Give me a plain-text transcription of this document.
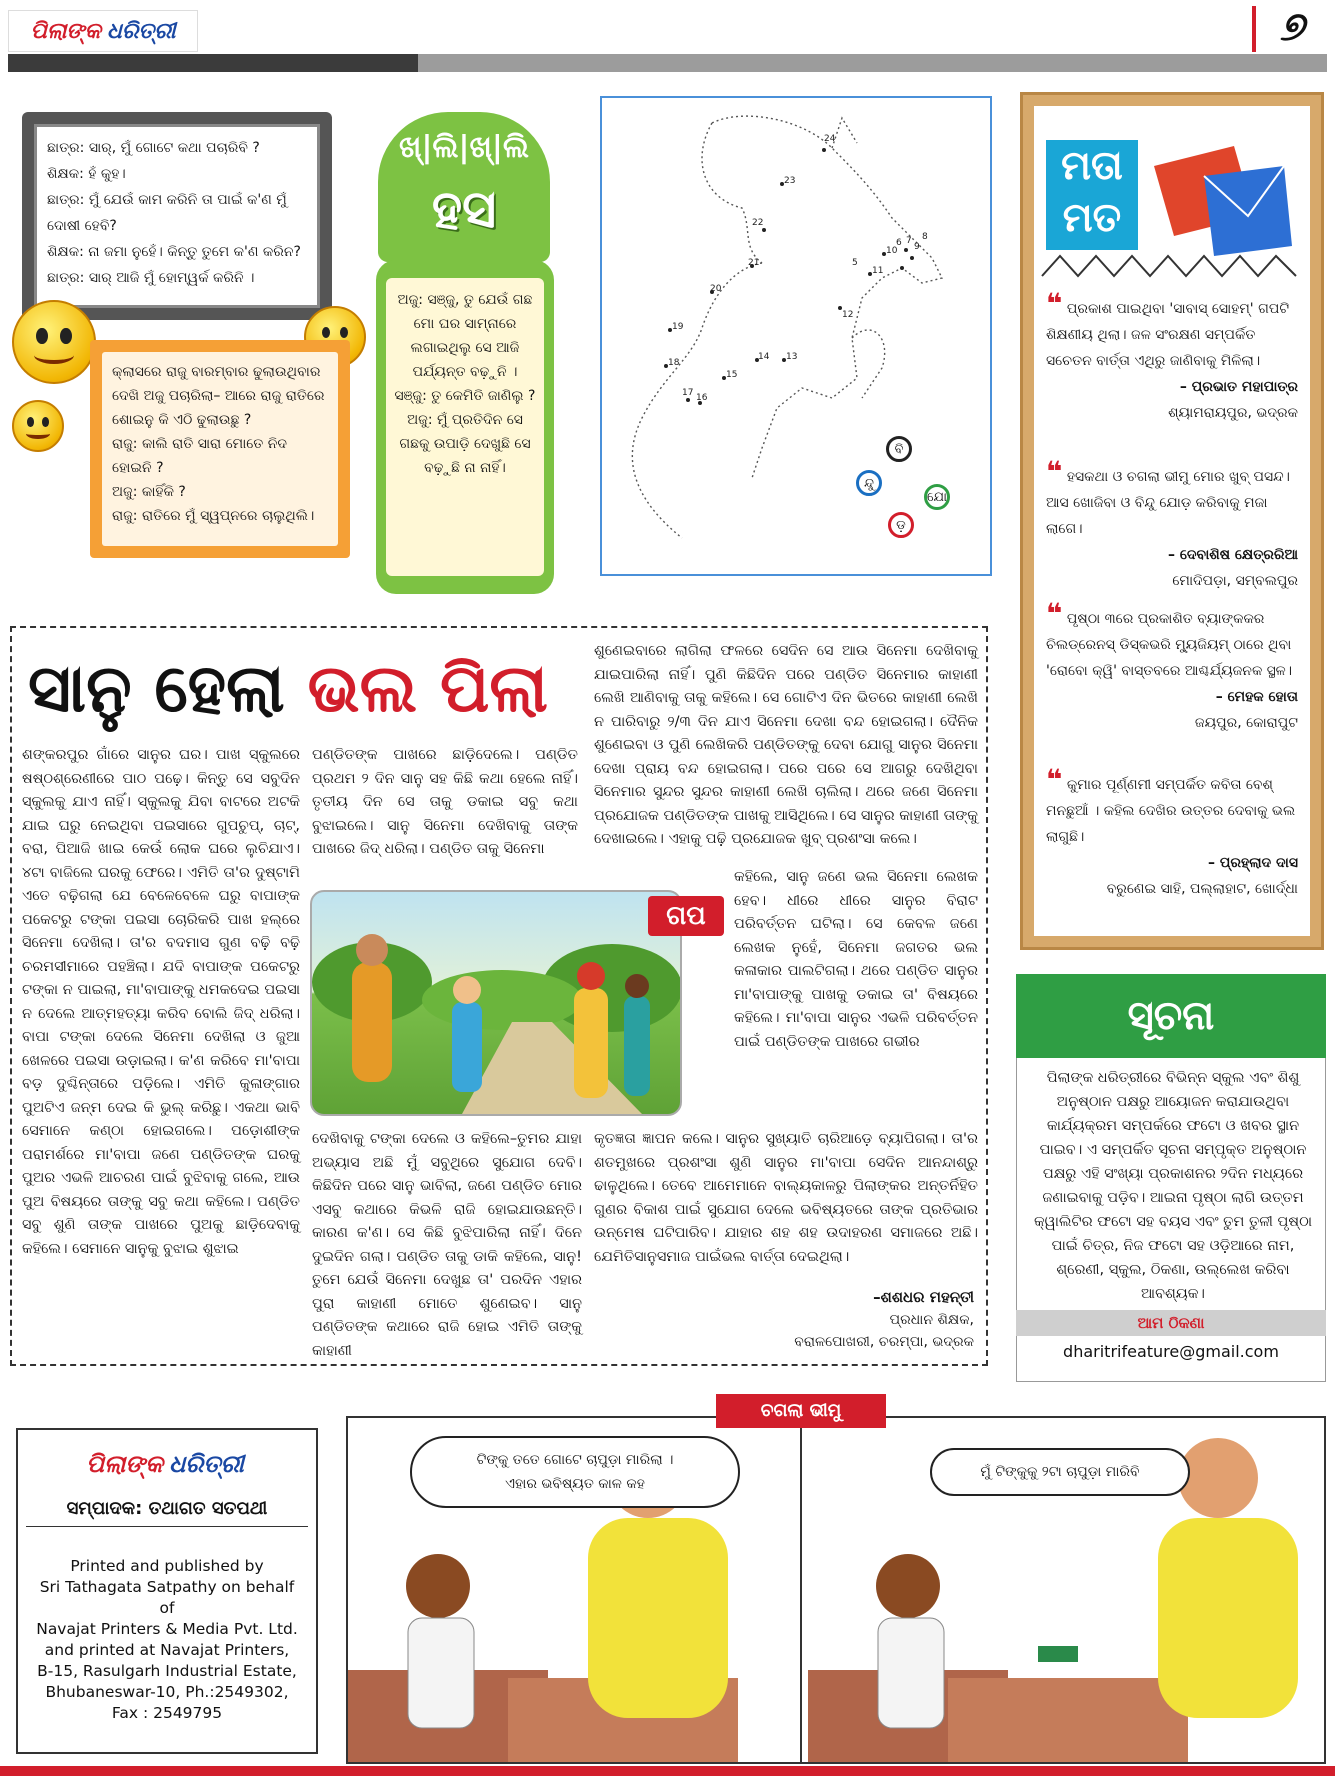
ପିଲାଙ୍କ ଧରିତ୍ରୀ	୭
ଛାତ୍ର: ସାର୍, ମୁଁ ଗୋଟେ କଥା ପଚାରିବି ?
ଶିକ୍ଷକ: ହଁ କୁହ।
ଛାତ୍ର: ମୁଁ ଯେଉଁ କାମ କରିନି ତା ପାଇଁ କ'ଣ ମୁଁ ଦୋଷୀ ହେବି?
ଶିକ୍ଷକ: ନା ଜମା ନୁହେଁ। କିନ୍ତୁ ତୁମେ କ'ଣ କରିନ?
ଛାତ୍ର: ସାର୍ ଆଜି ମୁଁ ହୋମ୍ୱର୍କ କରିନି ।
କ୍ଲାସରେ ରାଜୁ ବାରମ୍ବାର ଢୁଲାଉଥିବାର ଦେଖି ଅଜୁ ପଚାରିଲା– ଆରେ ରାଜୁ ରାତିରେ ଶୋଇନୁ କି ଏଠି ଢୁଲାଉଛୁ ?
ରାଜୁ: କାଲି ରାତି ସାରା ମୋତେ ନିଦ ହୋଇନି ?
ଅଜୁ: କାହିଁକି ?
ରାଜୁ: ରାତିରେ ମୁଁ ସ୍ୱପ୍ନରେ ଚାଲୁଥିଲି।
ଖ୍|ଲି|ଖ୍|ଲି
ହସ
ଅଜୁ: ସଞ୍ଜୁ, ତୁ ଯେଉଁ ଗଛ ମୋ ଘର ସାମ୍ନାରେ ଲଗାଇଥିଲୁ ସେ ଆଜି ପର୍ଯ୍ୟନ୍ତ ବଢ଼ୁନି ।
ସଞ୍ଜୁ: ତୁ କେମିତି ଜାଣିଲୁ ?
ଅଜୁ: ମୁଁ ପ୍ରତିଦିନ ସେ ଗଛକୁ ଉପାଡ଼ି ଦେଖୁଛି ସେ ବଢ଼ୁଛି ନା ନାହିଁ।
24
23
22
21
20
19
18
17 16
15
14 13
12
11
10 9
8
7
6
5
ବି
ନ୍ଦୁ
ଯୋ
ଡ଼
ମତା
ମତ
❝ ପ୍ରକାଶ ପାଇଥିବା 'ସାବାସ୍ ସୋହମ୍' ଗପଟି ଶିକ୍ଷଣୀୟ ଥିଲା। ଜଳ ସଂରକ୍ଷଣ ସମ୍ପର୍କିତ ସଚେତନ ବାର୍ତ୍ତା ଏଥିରୁ ଜାଣିବାକୁ ମିଳିଲା।
– ପ୍ରଭାତ ମହାପାତ୍ର
ଶ୍ୟାମରାୟପୁର, ଭଦ୍ରକ
❝ ହସକଥା ଓ ଚଗଲା ଭୀମୁ ମୋର ଖୁବ୍ ପସନ୍ଦ। ଆସ ଖୋଜିବା ଓ ବିନ୍ଦୁ ଯୋଡ଼ କରିବାକୁ ମଜା ଲାଗେ।
– ଦେବାଶିଷ କ୍ଷେତ୍ରରିଆ
ମୋଦିପଡ଼ା, ସମ୍ବଲପୁର
❝ ପୃଷ୍ଠା ୩ରେ ପ୍ରକାଶିତ ବ୍ୟାଙ୍କକର ଚିଲଡ୍ରେନସ୍ ଡିସ୍କଭରି ମ୍ୟୁଜିୟମ୍ ଠାରେ ଥିବା 'ରୋବୋ କ୍ୱି' ବାସ୍ତବରେ ଆଶ୍ଚର୍ଯ୍ୟଜନକ ସ୍ଥଳ।
– ମେହକ ହୋତା
ଜୟପୁର, କୋରାପୁଟ
❝ କୁମାର ପୂର୍ଣ୍ଣମୀ ସମ୍ପର୍କିତ କବିତା ବେଶ୍ ମନଛୁଆଁ । କହିଲ ଦେଖିର ଉତ୍ତର ଦେବାକୁ ଭଲ ଲାଗୁଛି।
– ପ୍ରହ୍ଲାଦ ଦାସ
ବରୁଣେଇ ସାହି, ପଲ୍ଲାହାଟ, ଖୋର୍ଦ୍ଧା
ସାନୁ ହେଲା ଭଲ ପିଲା
ଶଙ୍କରପୁର ଗାଁରେ ସାନୁର ଘର। ପାଖ ସ୍କୁଲରେ ଷଷ୍ଠଶ୍ରେଣୀରେ ପାଠ ପଢ଼େ। କିନ୍ତୁ ସେ ସବୁଦିନ ସ୍କୁଲକୁ ଯାଏ ନାହିଁ। ସ୍କୁଲକୁ ଯିବା ବାଟରେ ଅଟକି ଯାଇ ଘରୁ ନେଇଥିବା ପଇସାରେ ଗୁପଚୁପ୍, ଚାଟ୍, ବରା, ପିଆଜି ଖାଇ କେଉଁ ଲୋକ ଘରେ ଲୁଚିଯାଏ। ୪ଟା ବାଜିଲେ ଘରକୁ ଫେରେ। ଏମିତି ତା'ର ଦୁଷ୍ଟାମି ଏତେ ବଢ଼ିଗଲା ଯେ ବେଳେବେଳେ ଘରୁ ବାପାଙ୍କ ପକେଟରୁ ଟଙ୍କା ପଇସା ଚୋରିକରି ପାଖ ହଲ୍‌ରେ ସିନେମା ଦେଖିଲା। ତା'ର ବଦମାସ ଗୁଣ ବଢ଼ି ବଢ଼ି ଚରମସୀମାରେ ପହଞ୍ଚିଲା। ଯଦି ବାପାଙ୍କ ପକେଟରୁ ଟଙ୍କା ନ ପାଇଲା, ମା'ବାପାଙ୍କୁ ଧମକଦେଇ ପଇସା ନ ଦେଲେ ଆତ୍ମହତ୍ୟା କରିବ ବୋଲି ଜିଦ୍ ଧରିଲା। ବାପା ଟଙ୍କା ଦେଲେ ସିନେମା ଦେଖିଲା ଓ ଜୁଆ ଖେଳରେ ପଇସା ଉଡ଼ାଇଲା। କ'ଣ କରିବେ ମା'ବାପା ବଡ଼ ଦୁଶ୍ଚିନ୍ତାରେ ପଡ଼ିଲେ। ଏମିତି କୁଳାଙ୍ଗାର ପୁଅଟିଏ ଜନ୍ମ ଦେଇ କି ଭୁଲ୍ କରିଛୁ। ଏକଥା ଭାବି ସେମାନେ କଣ୍ଠା ହୋଇଗଲେ। ପଡ଼ୋଶୀଙ୍କ ପରାମର୍ଶରେ ମା'ବାପା ଜଣେ ପଣ୍ଡିତଙ୍କ ଘରକୁ ପୁଅର ଏଭଳି ଆଚରଣ ପାଇଁ ବୁଝିବାକୁ ଗଲେ, ଆଉ ପୁଅ ବିଷୟରେ ତାଙ୍କୁ ସବୁ କଥା କହିଲେ। ପଣ୍ଡିତ ସବୁ ଶୁଣି ତାଙ୍କ ପାଖରେ ପୁଅକୁ ଛାଡ଼ିଦେବାକୁ କହିଲେ। ସେମାନେ ସାନୁକୁ ବୁଝାଇ ଶୁଝାଇ
ପଣ୍ଡିତଙ୍କ ପାଖରେ ଛାଡ଼ିଦେଲେ। ପଣ୍ଡିତ ପ୍ରଥମ ୨ ଦିନ ସାନୁ ସହ କିଛି କଥା ହେଲେ ନାହିଁ। ତୃତୀୟ ଦିନ ସେ ତାକୁ ଡକାଇ ସବୁ କଥା ବୁଝାଇଲେ। ସାନୁ ସିନେମା ଦେଖିବାକୁ ତାଙ୍କ ପାଖରେ ଜିଦ୍ ଧରିଲା। ପଣ୍ଡିତ ତାକୁ ସିନେମା
ଦେଖିବାକୁ ଟଙ୍କା ଦେଲେ ଓ କହିଲେ–ତୁମର ଯାହା ଅଭ୍ୟାସ ଅଛି ମୁଁ ସବୁଥିରେ ସୁଯୋଗ ଦେବି। କିଛିଦିନ ପରେ ସାନୁ ଭାବିଲା, ଜଣେ ପଣ୍ଡିତ ମୋର ଏସବୁ କଥାରେ କିଭଳି ରାଜି ହୋଇଯାଉଛନ୍ତି। କାରଣ କ'ଣ। ସେ କିଛି ବୁଝିପାରିଲା ନାହିଁ। ଦିନେ ଦୁଇଦିନ ଗଲା। ପଣ୍ଡିତ ତାକୁ ଡାକି କହିଲେ, ସାନୁ! ତୁମେ ଯେଉଁ ସିନେମା ଦେଖୁଛ ତା' ପରଦିନ ଏହାର ପୁରା କାହାଣୀ ମୋତେ ଶୁଣେଇବ। ସାନୁ ପଣ୍ଡିତଙ୍କ କଥାରେ ରାଜି ହୋଇ ଏମିତି ତାଙ୍କୁ କାହାଣୀ
ଶୁଣେଇବାରେ ଲାଗିଲା ଫଳରେ ସେଦିନ ସେ ଆଉ ସିନେମା ଦେଖିବାକୁ ଯାଇପାରିଲା ନାହିଁ। ପୁଣି କିଛିଦିନ ପରେ ପଣ୍ଡିତ ସିନେମାର କାହାଣୀ ଲେଖି ଆଣିବାକୁ ତାକୁ କହିଲେ। ସେ ଗୋଟିଏ ଦିନ ଭିତରେ କାହାଣୀ ଲେଖି ନ ପାରିବାରୁ ୨/୩ ଦିନ ଯାଏ ସିନେମା ଦେଖା ବନ୍ଦ ହୋଇଗଲା। ଦୈନିକ ଶୁଣେଇବା ଓ ପୁଣି ଲେଖିକରି ପଣ୍ଡିତଙ୍କୁ ଦେବା ଯୋଗୁ ସାନୁର ସିନେମା ଦେଖା ପ୍ରାୟ ବନ୍ଦ ହୋଇଗଲା। ପରେ ପରେ ସେ ଆଗରୁ ଦେଖିଥିବା ସିନେମାର ସୁନ୍ଦର ସୁନ୍ଦର କାହାଣୀ ଲେଖି ଚାଲିଲା। ଥରେ ଜଣେ ସିନେମା ପ୍ରଯୋଜକ ପଣ୍ଡିତଙ୍କ ପାଖକୁ ଆସିଥିଲେ। ସେ ସାନୁର କାହାଣୀ ତାଙ୍କୁ ଦେଖାଇଲେ। ଏହାକୁ ପଢ଼ି ପ୍ରଯୋଜକ ଖୁବ୍ ପ୍ରଶଂସା କଲେ।
କହିଲେ, ସାନୁ ଜଣେ ଭଲ ସିନେମା ଲେଖକ ହେବ। ଧୀରେ ଧୀରେ ସାନୁର ବିରାଟ ପରିବର୍ତ୍ତନ ଘଟିଲା। ସେ କେବଳ ଜଣେ ଲେଖକ ନୁହେଁ, ସିନେମା ଜଗତର ଭଲ କଳାକାର ପାଲଟିଗଲା। ଥରେ ପଣ୍ଡିତ ସାନୁର ମା'ବାପାଙ୍କୁ ପାଖକୁ ଡକାଇ ତା' ବିଷୟରେ କହିଲେ। ମା'ବାପା ସାନୁର ଏଭଳି ପରିବର୍ତ୍ତନ ପାଇଁ ପଣ୍ଡିତଙ୍କ ପାଖରେ ଗଭୀର
କୃତଜ୍ଞତା ଜ୍ଞାପନ କଲେ। ସାନୁର ସୁଖ୍ୟାତି ଚାରିଆଡ଼େ ବ୍ୟାପିଗଲା। ତା'ର ଶତମୁଖରେ ପ୍ରଶଂସା ଶୁଣି ସାନୁର ମା'ବାପା ସେଦିନ ଆନନ୍ଦାଶ୍ରୁ ଢାଳୁଥିଲେ। ତେବେ ଆମେମାନେ ବାଲ୍ୟକାଳରୁ ପିଲାଙ୍କର ଅନ୍ତର୍ନିହିତ ଗୁଣର ବିକାଶ ପାଇଁ ସୁଯୋଗ ଦେଲେ ଭବିଷ୍ୟତରେ ତାଙ୍କ ପ୍ରତିଭାର ଉନ୍ମେଷ ଘଟିପାରିବ। ଯାହାର ଶହ ଶହ ଉଦାହରଣ ସମାଜରେ ଅଛି। ଯେମିତିସାନୁସମାଜ ପାଇଁଭଲ ବାର୍ତ୍ତା ଦେଇଥିଲା।
ଗପ
–ଶଶଧର ମହନ୍ତୀ
ପ୍ରଧାନ ଶିକ୍ଷକ,
ବରାଳପୋଖରୀ, ଚରମ୍ପା, ଭଦ୍ରକ
ସୂଚନା
ପିଲାଙ୍କ ଧରିତ୍ରୀରେ ବିଭିନ୍ନ ସ୍କୁଲ ଏବଂ ଶିଶୁ ଅନୁଷ୍ଠାନ ପକ୍ଷରୁ ଆୟୋଜନ କରାଯାଉଥିବା କାର୍ଯ୍ୟକ୍ରମ ସମ୍ପର୍କରେ ଫଟୋ ଓ ଖବର ସ୍ଥାନ ପାଇବ। ଏ ସମ୍ପର୍କିତ ସୂଚନା ସମ୍ପୃକ୍ତ ଅନୁଷ୍ଠାନ ପକ୍ଷରୁ ଏହି ସଂଖ୍ୟା ପ୍ରକାଶନର ୨ଦିନ ମଧ୍ୟରେ ଜଣାଇବାକୁ ପଡ଼ିବ। ଆଇନା ପୃଷ୍ଠା ଲାଗି ଉତ୍ତମ କ୍ୱାଲିଟିର ଫଟୋ ସହ ବୟସ ଏବଂ ତୁମ ତୁଳୀ ପୃଷ୍ଠା ପାଇଁ ଚିତ୍ର, ନିଜ ଫଟୋ ସହ ଓଡ଼ିଆରେ ନାମ, ଶ୍ରେଣୀ, ସ୍କୁଲ, ଠିକଣା, ଉଲ୍ଲେଖ କରିବା ଆବଶ୍ୟକ।
ଆମ ଠିକଣା
dharitrifeature@gmail.com
ପିଲାଙ୍କ ଧରିତ୍ରୀ
ସମ୍ପାଦକ: ତଥାଗତ ସତପଥୀ
Printed and published by
Sri Tathagata Satpathy on behalf
of
Navajat Printers & Media Pvt. Ltd.
and printed at Navajat Printers,
B-15, Rasulgarh Industrial Estate,
Bhubaneswar-10, Ph.:2549302,
Fax : 2549795
ଚଗଲା ଭୀମୁ
ଟିଙ୍କୁ ତତେ ଗୋଟେ ଚାପୁଡ଼ା ମାରିଲା ।
ଏହାର ଭବିଷ୍ୟତ କାଳ କହ
ମୁଁ ଟିଙ୍କୁକୁ ୨ଟା ଚାପୁଡ଼ା ମାରିବି
